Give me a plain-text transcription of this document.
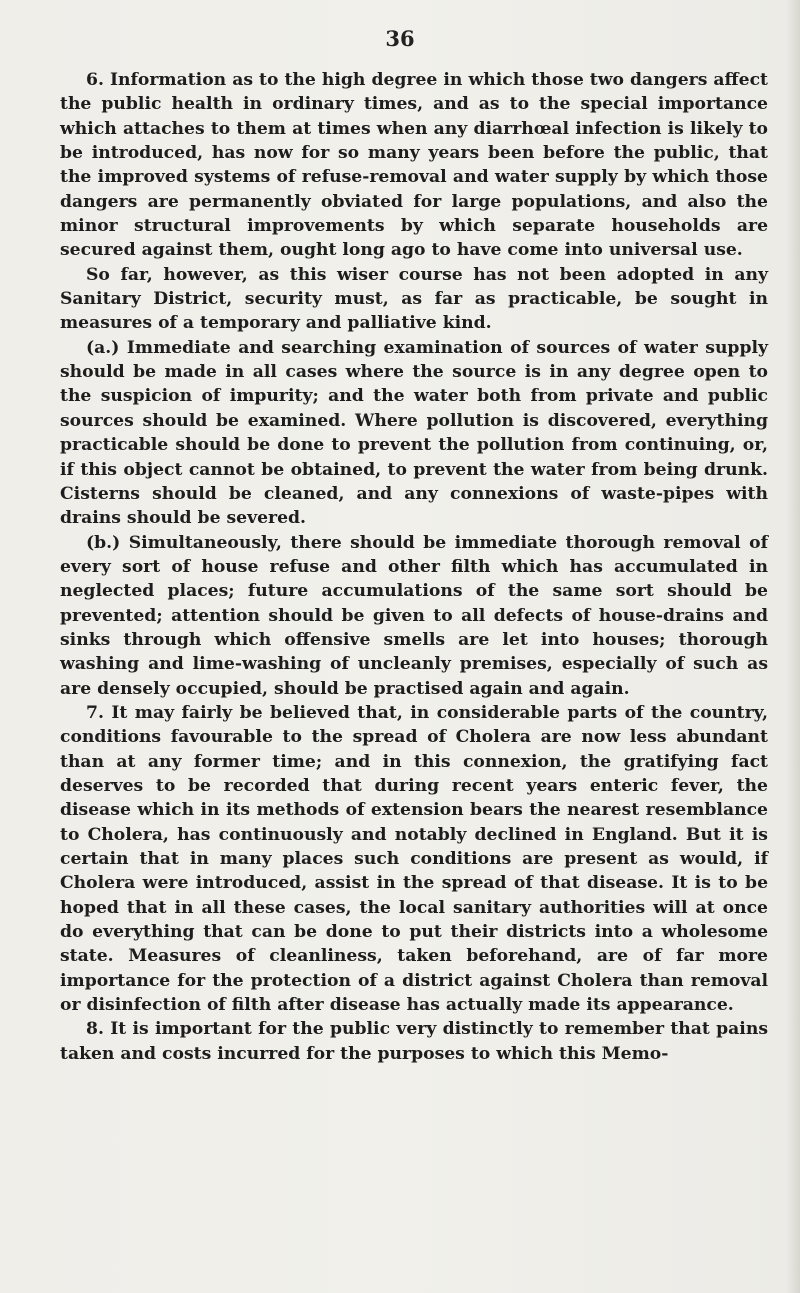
36

6. Information as to the high degree in which those two dangers affect the public health in ordinary times, and as to the special importance which attaches to them at times when any diarrhœal infection is likely to be introduced, has now for so many years been before the public, that the improved systems of refuse-removal and water supply by which those dangers are permanently obviated for large populations, and also the minor structural improvements by which separate households are secured against them, ought long ago to have come into universal use.

So far, however, as this wiser course has not been adopted in any Sanitary District, security must, as far as practicable, be sought in measures of a temporary and palliative kind.

(a.) Immediate and searching examination of sources of water supply should be made in all cases where the source is in any degree open to the suspicion of impurity; and the water both from private and public sources should be examined. Where pollution is discovered, everything practicable should be done to prevent the pollution from continuing, or, if this object cannot be obtained, to prevent the water from being drunk. Cisterns should be cleaned, and any connexions of waste-pipes with drains should be severed.

(b.) Simultaneously, there should be immediate thorough removal of every sort of house refuse and other filth which has accumulated in neglected places; future accumulations of the same sort should be prevented; attention should be given to all defects of house-drains and sinks through which offensive smells are let into houses; thorough washing and lime-washing of uncleanly premises, especially of such as are densely occupied, should be practised again and again.

7. It may fairly be believed that, in considerable parts of the country, conditions favourable to the spread of Cholera are now less abundant than at any former time; and in this connexion, the gratifying fact deserves to be recorded that during recent years enteric fever, the disease which in its methods of extension bears the nearest resemblance to Cholera, has continuously and notably declined in England. But it is certain that in many places such conditions are present as would, if Cholera were introduced, assist in the spread of that disease. It is to be hoped that in all these cases, the local sanitary authorities will at once do everything that can be done to put their districts into a wholesome state. Measures of cleanliness, taken beforehand, are of far more importance for the protection of a district against Cholera than removal or disinfection of filth after disease has actually made its appearance.

8. It is important for the public very distinctly to remember that pains taken and costs incurred for the purposes to which this Memo-
